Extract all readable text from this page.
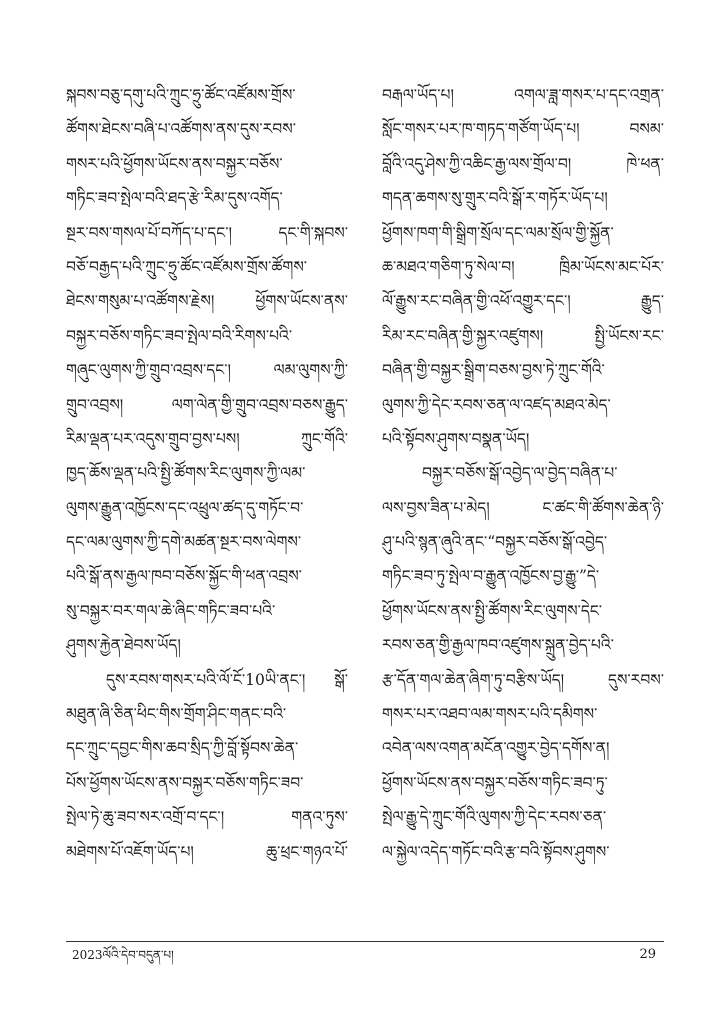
སྐབས་བཅུ་དགུ་པའི་ཀྲུང་ཧྲུ་ཚོང་འཛོམས་གྲོས་
ཚོགས་ཐེངས་བཞི་པ་འཚོགས་ནས་དུས་རབས་
གསར་པའི་ཕྱོགས་ཡོངས་ནས་བསྐྱར་བཅོས་
གཏིང་ཟབ་སྤེལ་བའི་ཐད་རྩེ་རིམ་དུས་འགོད་
སྔར་བས་གསལ་པོ་བཀོད་པ་དང་། དང་གི་སྐབས་
བཅོ་བརྒྱད་པའི་ཀྲུང་ཧྲུ་ཚོང་འཛོམས་གྲོས་ཚོགས་
ཐེངས་གསུམ་པ་འཚོགས་རྗེས། ཕྱོགས་ཡོངས་ནས་
བསྐྱར་བཅོས་གཏིང་ཟབ་སྤེལ་བའི་རིགས་པའི་
གཞུང་ལུགས་ཀྱི་གྲུབ་འབྲས་དང་། ལམ་ལུགས་ཀྱི་
གྲུབ་འབྲས། ལག་ལེན་གྱི་གྲུབ་འབྲས་བཅས་རྒྱུད་
རིམ་ལྡན་པར་འདུས་གྲུབ་བྱས་པས། ཀྲུང་གོའི་
ཁྱད་ཆོས་ལྡན་པའི་སྤྱི་ཚོགས་རིང་ལུགས་ཀྱི་ལམ་
ལུགས་རྒྱུན་འཁྱོངས་དང་འཕྲུལ་ཚད་དུ་གཏོང་བ་
དང་ལམ་ལུགས་ཀྱི་དགེ་མཚན་སྔར་བས་ལེགས་
པའི་སྒོ་ནས་རྒྱལ་ཁབ་བཅོས་སྐྱོང་གི་ཕན་འབྲས་
སུ་བསྐྱར་བར་གལ་ཆེ་ཞིང་གཏིང་ཟབ་པའི་
ཤུགས་རྐྱེན་ཐེབས་ཡོད།
དུས་རབས་གསར་པའི་ལོ་ངོ་10ཡི་ནང་། སྒོ་
མཐུན་ཞི་ཅིན་ཕིང་གིས་གྲོག་ཤིང་གནང་བའི་
དང་ཀྲུང་དབྱང་གིས་ཆབ་སྲིད་ཀྱི་བློ་སྟོབས་ཆེན་
པོས་ཕྱོགས་ཡོངས་ནས་བསྐྱར་བཅོས་གཏིང་ཟབ་
སྤེལ་ཏེ་ཆུ་ཟབ་སར་འགྲོ་བ་དང་། གནའ་ཏུས་
མཐེགས་པོ་འཇོག་ཡོད་པ། ཆུ་ཕྲང་གཉའ་པོ་
བརྒལ་ཡོད་པ། འགལ་ཟླ་གསར་པ་དང་འགྲན་
སློང་གསར་པར་ཁ་གཏད་གཙོག་ཡོད་པ། བསམ་
བློའི་འདུ་ཤེས་ཀྱི་འཆིང་རྒྱ་ལས་གྲོལ་བ། ཁེ་ཕན་
གདན་ཆགས་སུ་གྲུར་བའི་སྒོ་ར་གཏོར་ཡོད་པ།
ཕྱོགས་ཁག་གི་སྒྲིག་སྲོལ་དང་ལམ་སྲོལ་གྱི་སྐྱོན་
ཆ་མཐའ་གཅིག་ཏུ་སེལ་བ། ཁྲིམ་ཡོངས་མང་པོར་
ལོ་རྒྱུས་རང་བཞིན་གྱི་འཕོ་འགྱུར་དང་། རྒྱུད་
རིམ་རང་བཞིན་གྱི་སྐྱར་འཛུགས། སྤྱི་ཡོངས་རང་
བཞིན་གྱི་བསྐྱར་སྒྲིག་བཅས་བྱས་ཏེ་ཀྲུང་གོའི་
ལུགས་ཀྱི་དེང་རབས་ཅན་ལ་འཛད་མཐའ་མེད་
པའི་སྟོབས་ཤུགས་བསྣན་ཡོད།
བསྐྱར་བཅོས་སྒོ་འབྱེད་ལ་བྱེད་བཞིན་པ་
ལས་བྱས་ཟིན་པ་མེད། ང་ཚང་གི་ཚོགས་ཆེན་ཉི་
ཤུ་པའི་སྙན་ཞུའི་ནང་“བསྐྱར་བཅོས་སྒོ་འབྱེད་
གཏིང་ཟབ་ཏུ་སྤེལ་བ་རྒྱུན་འཁྱོངས་བྱ་རྒྱུ་”དེ་
ཕྱོགས་ཡོངས་ནས་སྤྱི་ཚོགས་རིང་ལུགས་དེང་
རབས་ཅན་གྱི་རྒྱལ་ཁབ་འཛུགས་སྐྲུན་བྱེད་པའི་
རྩ་དོན་གལ་ཆེན་ཞིག་ཏུ་བརྩིས་ཡོད། དུས་རབས་
གསར་པར་འཐབ་ལམ་གསར་པའི་དམིགས་
འབེན་ལས་འགན་མངོན་འགྱུར་བྱེད་དགོས་ན།
ཕྱོགས་ཡོངས་ནས་བསྐྱར་བཅོས་གཏིང་ཟབ་ཏུ་
སྤེལ་རྒྱུ་དེ་ཀྲུང་གོའི་ལུགས་ཀྱི་དེང་རབས་ཅན་
ལ་སྐྱེལ་འདེད་གཏོང་བའི་རྩ་བའི་སྟོབས་ཤུགས་
2023ལོའི་དེབ་བདུན་པ།	29
